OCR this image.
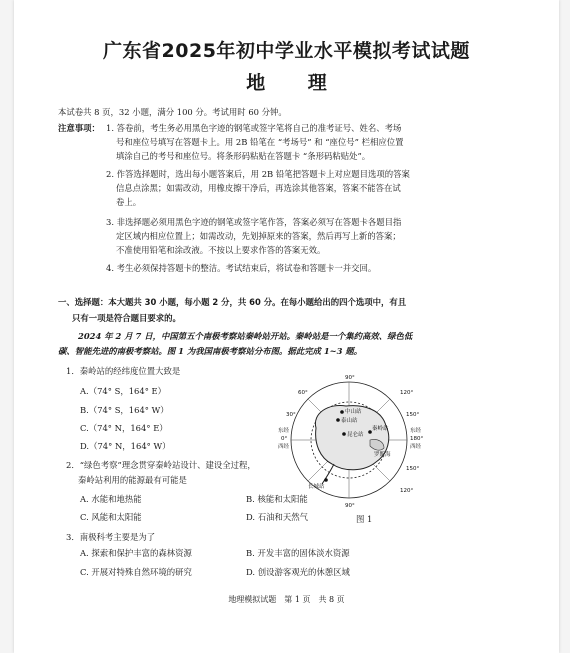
广东省2025年初中学业水平模拟考试试题
地 理
本试卷共 8 页，32 小题，满分 100 分。考试用时 60 分钟。
注意事项： 1. 答卷前，考生务必用黑色字迹的钢笔或签字笔将自己的准考证号、姓名、考场
号和座位号填写在答题卡上。用 2B 铅笔在 “考场号” 和 “座位号” 栏相应位置
填涂自己的考号和座位号。将条形码粘贴在答题卡 “条形码粘贴处”。
2. 作答选择题时，选出每小题答案后，用 2B 铅笔把答题卡上对应题目选项的答案
信息点涂黑；如需改动，用橡皮擦干净后，再选涂其他答案，答案不能答在试
卷上。
3. 非选择题必须用黑色字迹的钢笔或签字笔作答，答案必须写在答题卡各题目指
定区域内相应位置上；如需改动，先划掉原来的答案，然后再写上新的答案；
不准使用铅笔和涂改液。不按以上要求作答的答案无效。
4. 考生必须保持答题卡的整洁。考试结束后，将试卷和答题卡一并交回。
一、选择题：本大题共 30 小题，每小题 2 分，共 60 分。在每小题给出的四个选项中，有且
只有一项是符合题目要求的。
2024 年 2 月 7 日，中国第五个南极考察站秦岭站开站。秦岭站是一个集约高效、绿色低
碳、智能先进的南极考察站。图 1 为我国南极考察站分布图。据此完成 1~3 题。
1．秦岭站的经纬度位置大致是
A.（74° S，164° E）
B.（74° S，164° W）
C.（74° N，164° E）
D.（74° N，164° W）
2．“绿色考察”理念贯穿秦岭站设计、建设全过程，
秦岭站利用的能源最有可能是
A. 水能和地热能	B. 核能和太阳能
C. 风能和太阳能	D. 石油和天然气
3．南极科考主要是为了
A. 探索和保护丰富的森林资源	B. 开发丰富的固体淡水资源
C. 开展对特殊自然环境的研究	D. 创设游客观光的休憩区域
90°
60°
30°
120°
150°
150°
120°
90°
东经
0°
西经
东经
180°
西经
中山站
泰山站
昆仑站
秦岭站
罗斯海
长城站
图 1
地理模拟试题　第 1 页　共 8 页
